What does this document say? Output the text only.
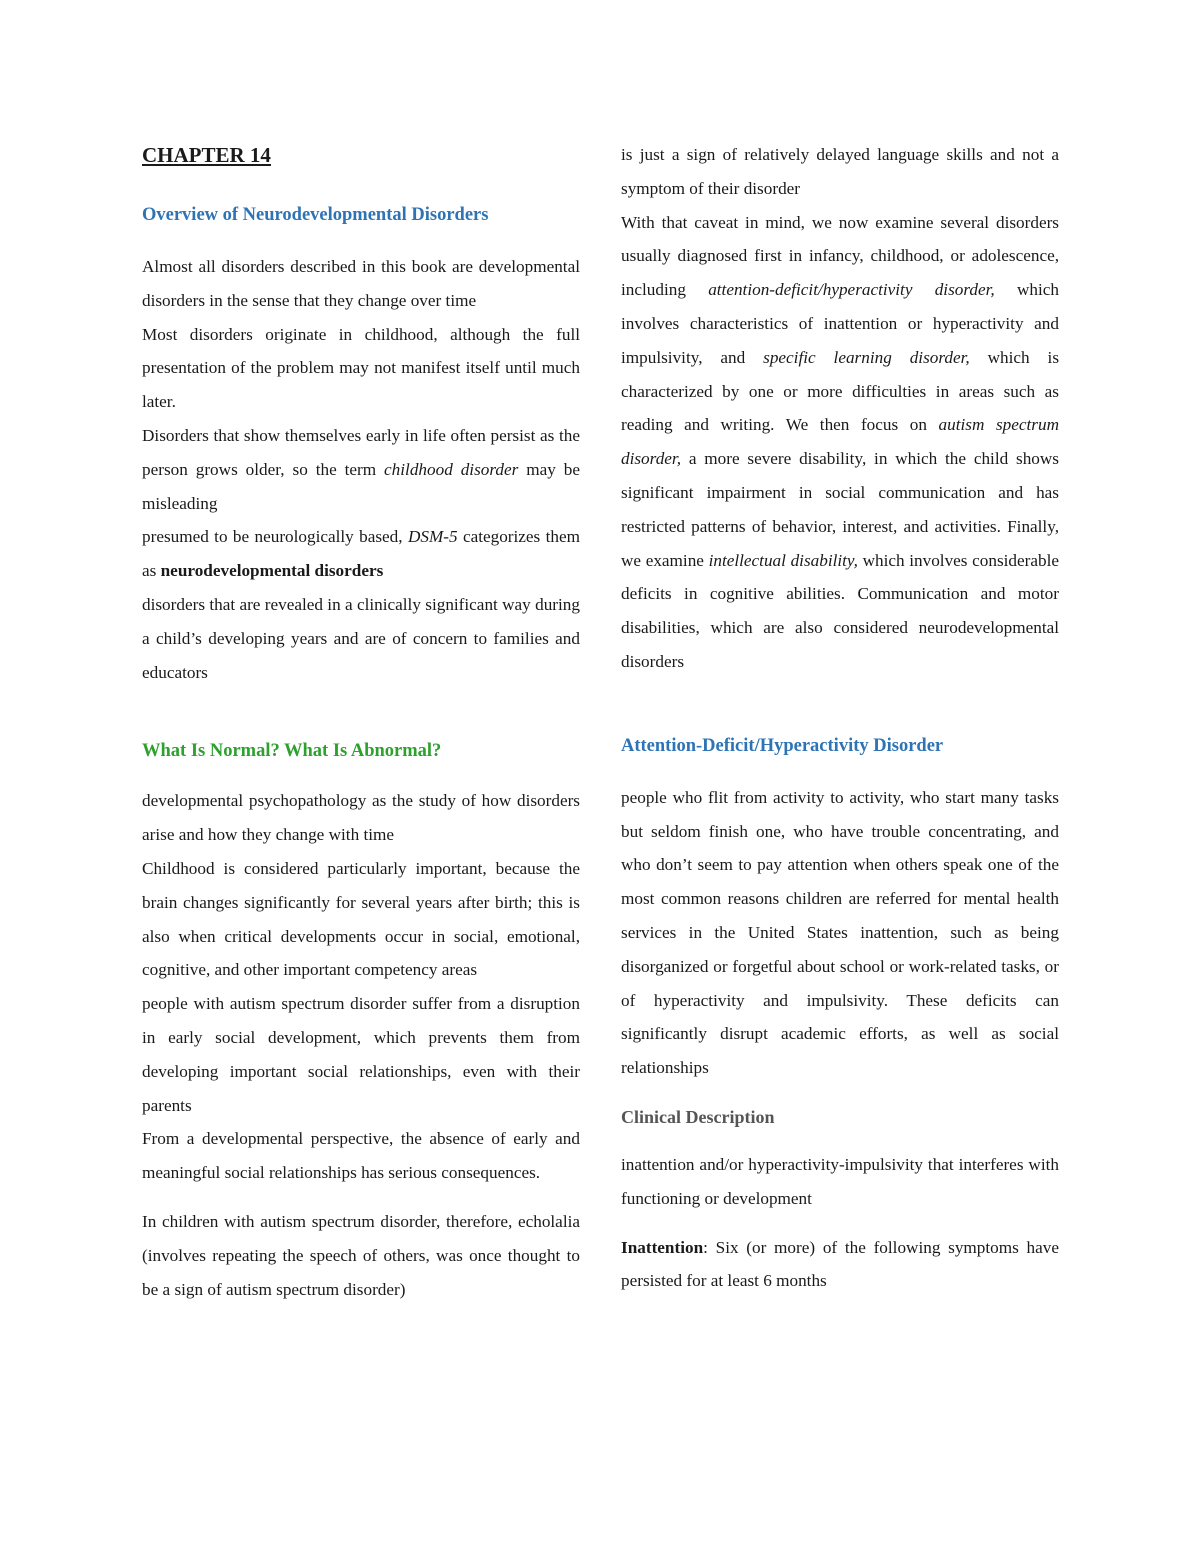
CHAPTER 14
Overview of Neurodevelopmental Disorders

Almost all disorders described in this book are developmental disorders in the sense that they change over time

Most disorders originate in childhood, although the full presentation of the problem may not manifest itself until much later.

Disorders that show themselves early in life often persist as the person grows older, so the term childhood disorder may be misleading

presumed to be neurologically based, DSM-5 categorizes them as neurodevelopmental disorders

disorders that are revealed in a clinically significant way during a child’s developing years and are of concern to families and educators

What Is Normal? What Is Abnormal?

developmental psychopathology as the study of how disorders arise and how they change with time

Childhood is considered particularly important, because the brain changes significantly for several years after birth; this is also when critical developments occur in social, emotional, cognitive, and other important competency areas

people with autism spectrum disorder suffer from a disruption in early social development, which prevents them from developing important social relationships, even with their parents

From a developmental perspective, the absence of early and meaningful social relationships has serious consequences.

In children with autism spectrum disorder, therefore, echolalia (involves repeating the speech of others, was once thought to be a sign of autism spectrum disorder)

is just a sign of relatively delayed language skills and not a symptom of their disorder

With that caveat in mind, we now examine several disorders usually diagnosed first in infancy, childhood, or adolescence, including attention-deficit/hyperactivity disorder, which involves characteristics of inattention or hyperactivity and impulsivity, and specific learning disorder, which is characterized by one or more difficulties in areas such as reading and writing. We then focus on autism spectrum disorder, a more severe disability, in which the child shows significant impairment in social communication and has restricted patterns of behavior, interest, and activities. Finally, we examine intellectual disability, which involves considerable deficits in cognitive abilities. Communication and motor disabilities, which are also considered neurodevelopmental disorders

Attention-Deficit/Hyperactivity Disorder

people who flit from activity to activity, who start many tasks but seldom finish one, who have trouble concentrating, and who don’t seem to pay attention when others speak one of the most common reasons children are referred for mental health services in the United States inattention, such as being disorganized or forgetful about school or work-related tasks, or of hyperactivity and impulsivity. These deficits can significantly disrupt academic efforts, as well as social relationships

Clinical Description

inattention and/or hyperactivity-impulsivity that interferes with functioning or development

Inattention: Six (or more) of the following symptoms have persisted for at least 6 months
